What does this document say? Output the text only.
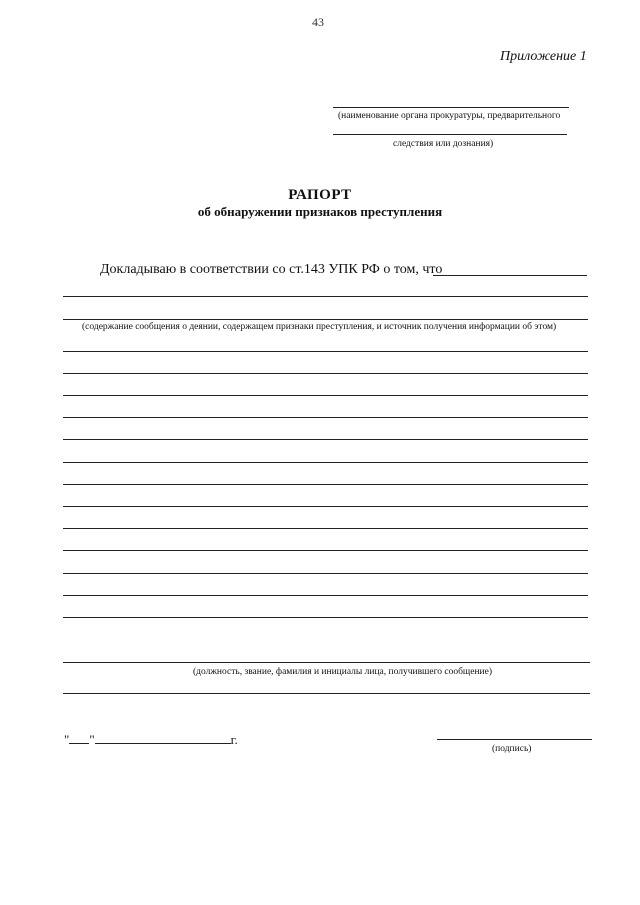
43
Приложение 1
(наименование органа прокуратуры, предварительного
следствия или дознания)
РАПОРТ
об обнаружении признаков преступления
Докладываю в соответствии со ст.143 УПК РФ о том, что
(содержание сообщения о деянии, содержащем признаки преступления, и источник получения информации об этом)
(должность, звание, фамилия и инициалы лица, получившего сообщение)
" "	г.
(подпись)
